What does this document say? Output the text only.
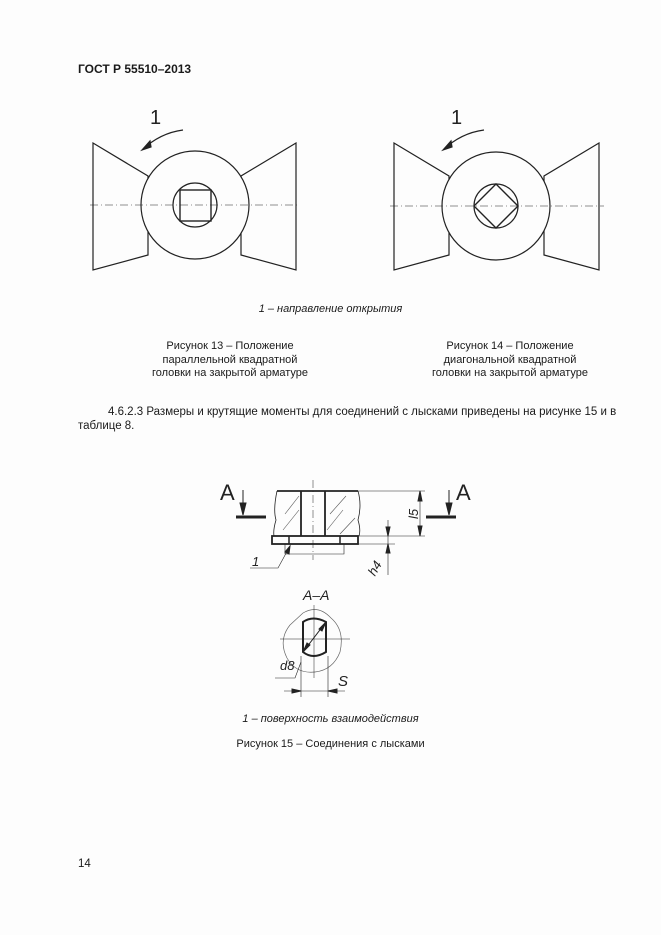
ГОСТ Р 55510–2013
1	1
A	A
l5
h4
1
A–A
d8
S
1 – направление открытия
Рисунок 13 – Положение
параллельной квадратной
головки на закрытой арматуре
Рисунок 14 – Положение
диагональной квадратной
головки на закрытой арматуре
4.6.2.3 Размеры и крутящие моменты для соединений с лысками приведены на рисунке 15 и в
таблице 8.
1 – поверхность взаимодействия
Рисунок 15 – Соединения с лысками
14
